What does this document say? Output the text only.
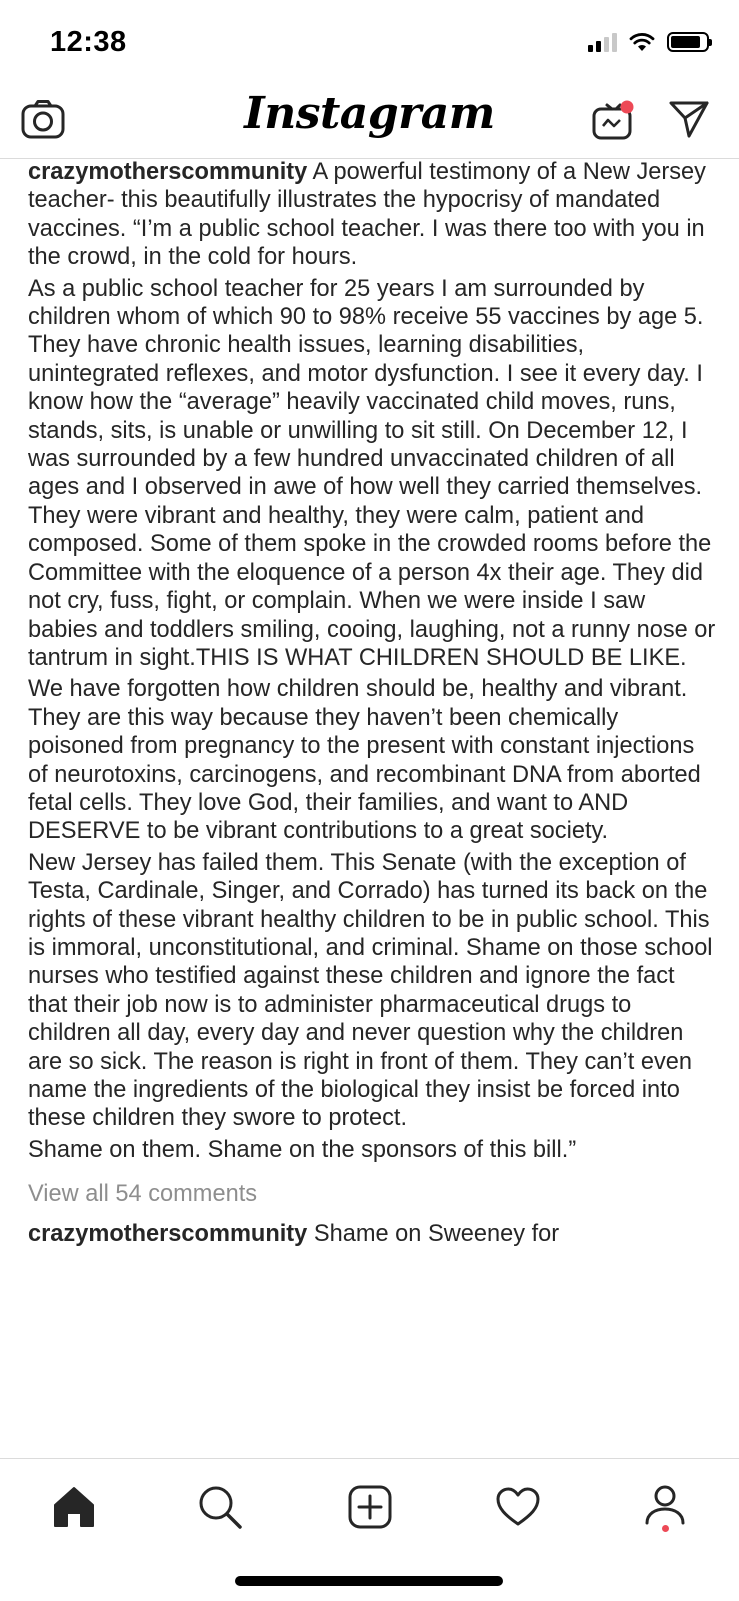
12:38
Instagram

crazymotherscommunity A powerful testimony of a New Jersey teacher- this beautifully illustrates the hypocrisy of mandated vaccines. “I’m a public school teacher. I was there too with you in the crowd, in the cold for hours.

As a public school teacher for 25 years I am surrounded by children whom of which 90 to 98% receive 55 vaccines by age 5. They have chronic health issues, learning disabilities, unintegrated reflexes, and motor dysfunction. I see it every day. I know how the “average” heavily vaccinated child moves, runs, stands, sits, is unable or unwilling to sit still. On December 12, I was surrounded by a few hundred unvaccinated children of all ages and I observed in awe of how well they carried themselves. They were vibrant and healthy, they were calm, patient and composed. Some of them spoke in the crowded rooms before the Committee with the eloquence of a person 4x their age. They did not cry, fuss, fight, or complain. When we were inside I saw babies and toddlers smiling, cooing, laughing, not a runny nose or tantrum in sight.THIS IS WHAT CHILDREN SHOULD BE LIKE.

We have forgotten how children should be, healthy and vibrant. They are this way because they haven’t been chemically poisoned from pregnancy to the present with constant injections of neurotoxins, carcinogens, and recombinant DNA from aborted fetal cells. They love God, their families, and want to AND DESERVE to be vibrant contributions to a great society.

New Jersey has failed them. This Senate (with the exception of Testa, Cardinale, Singer, and Corrado) has turned its back on the rights of these vibrant healthy children to be in public school. This is immoral, unconstitutional, and criminal. Shame on those school nurses who testified against these children and ignore the fact that their job now is to administer pharmaceutical drugs to children all day, every day and never question why the children are so sick. The reason is right in front of them. They can’t even name the ingredients of the biological they insist be forced into these children they swore to protect.

Shame on them. Shame on the sponsors of this bill.”

View all 54 comments
crazymotherscommunity Shame on Sweeney for
